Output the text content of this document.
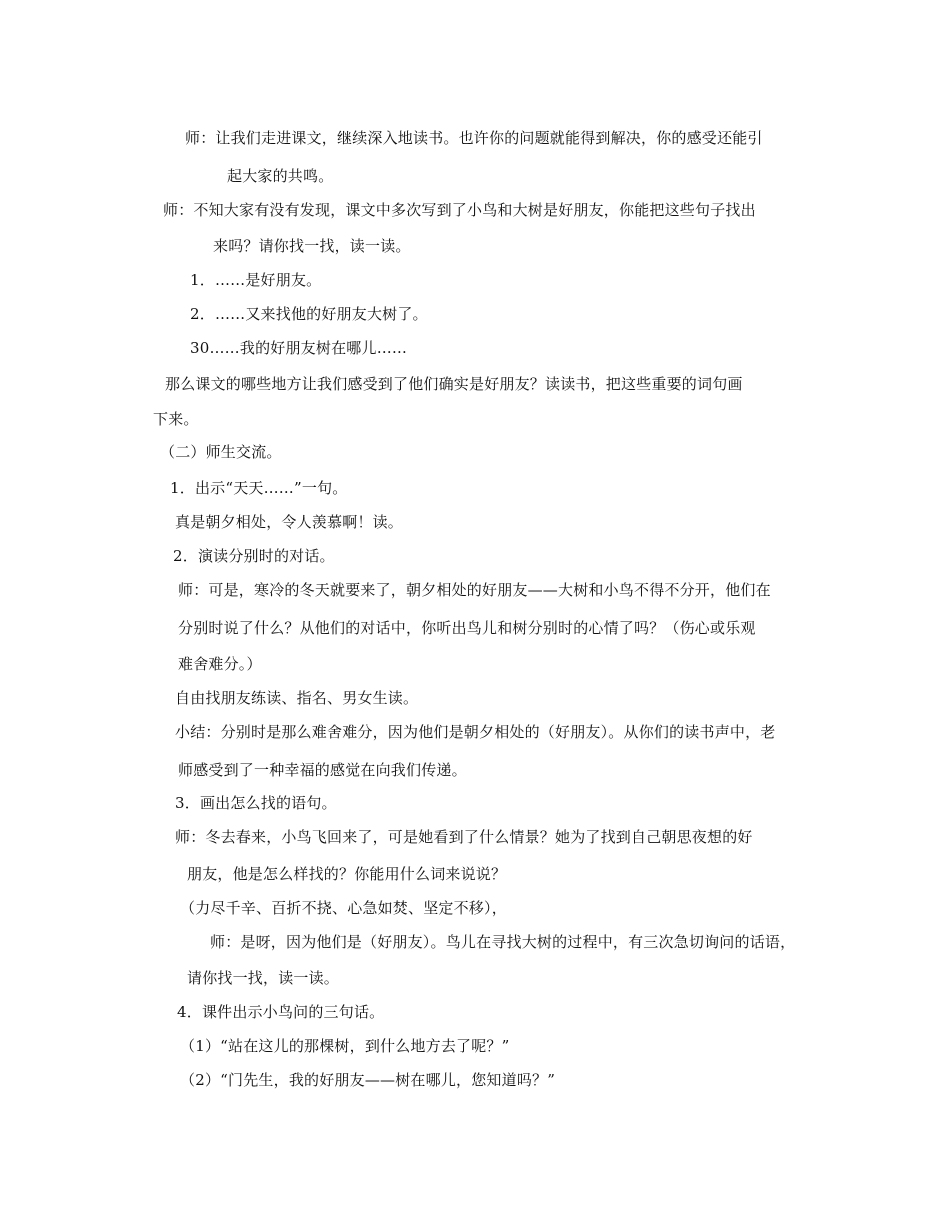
师：让我们走进课文，继续深入地读书。也许你的问题就能得到解决，你的感受还能引
起大家的共鸣。
师：不知大家有没有发现，课文中多次写到了小鸟和大树是好朋友，你能把这些句子找出
来吗？请你找一找，读一读。
1．……是好朋友。
2．……又来找他的好朋友大树了。
30……我的好朋友树在哪儿……
那么课文的哪些地方让我们感受到了他们确实是好朋友？读读书，把这些重要的词句画
下来。
（二）师生交流。
1．出示“天天……”一句。
真是朝夕相处，令人羡慕啊！读。
2．演读分别时的对话。
师：可是，寒冷的冬天就要来了，朝夕相处的好朋友——大树和小鸟不得不分开，他们在
分别时说了什么？从他们的对话中，你听出鸟儿和树分别时的心情了吗？（伤心或乐观
难舍难分。）
自由找朋友练读、指名、男女生读。
小结：分别时是那么难舍难分，因为他们是朝夕相处的（好朋友）。从你们的读书声中，老
师感受到了一种幸福的感觉在向我们传递。
3．画出怎么找的语句。
师：冬去春来，小鸟飞回来了，可是她看到了什么情景？她为了找到自己朝思夜想的好
朋友，他是怎么样找的？你能用什么词来说说？
（力尽千辛、百折不挠、心急如焚、坚定不移），
师：是呀，因为他们是（好朋友）。鸟儿在寻找大树的过程中，有三次急切询问的话语，
请你找一找，读一读。
4．课件出示小鸟问的三句话。
（1）“站在这儿的那棵树，到什么地方去了呢？”
（2）“门先生，我的好朋友——树在哪儿，您知道吗？”
